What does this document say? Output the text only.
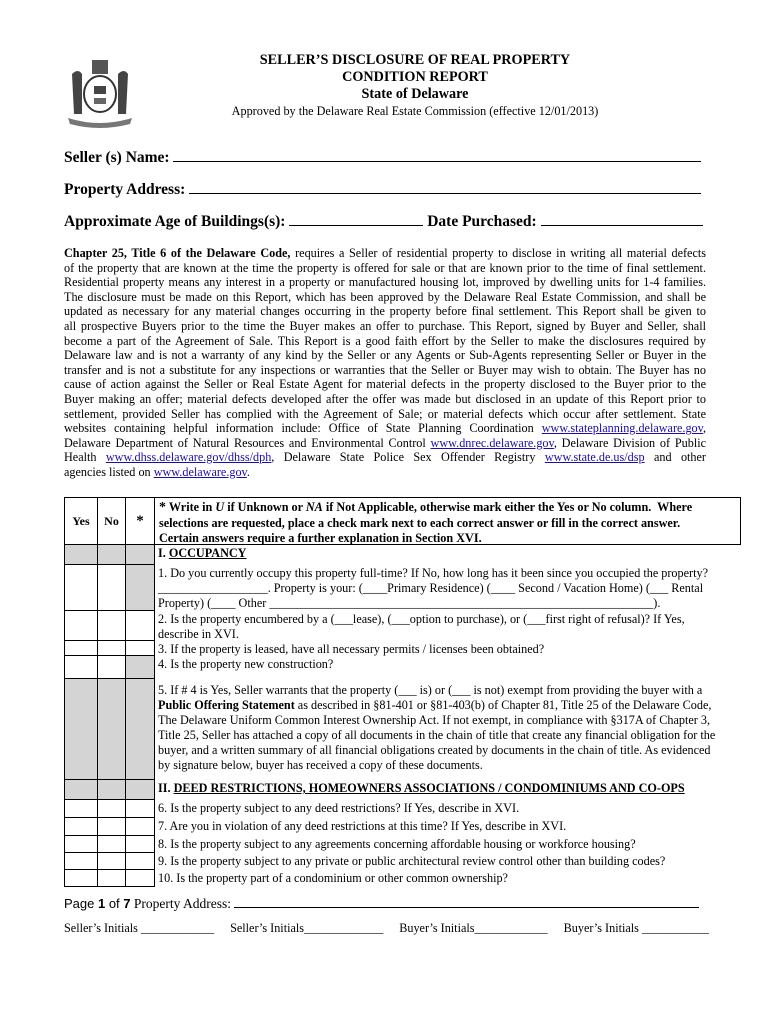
SELLER’S DISCLOSURE OF REAL PROPERTY
CONDITION REPORT
State of Delaware
Approved by the Delaware Real Estate Commission (effective 12/01/2013)
Seller (s) Name:
Property Address:
Approximate Age of Buildings(s):	Date Purchased:
Chapter 25, Title 6 of the Delaware Code, requires a Seller of residential property to disclose in writing all material defects
of the property that are known at the time the property is offered for sale or that are known prior to the time of final settlement.
Residential property means any interest in a property or manufactured housing lot, improved by dwelling units for 1-4 families.
The disclosure must be made on this Report, which has been approved by the Delaware Real Estate Commission, and shall be
updated as necessary for any material changes occurring in the property before final settlement. This Report shall be given to
all prospective Buyers prior to the time the Buyer makes an offer to purchase. This Report, signed by Buyer and Seller, shall
become a part of the Agreement of Sale. This Report is a good faith effort by the Seller to make the disclosures required by
Delaware law and is not a warranty of any kind by the Seller or any Agents or Sub-Agents representing Seller or Buyer in the
transfer and is not a substitute for any inspections or warranties that the Seller or Buyer may wish to obtain. The Buyer has no
cause of action against the Seller or Real Estate Agent for material defects in the property disclosed to the Buyer prior to the
Buyer making an offer; material defects developed after the offer was made but disclosed in an update of this Report prior to
settlement, provided Seller has complied with the Agreement of Sale; or material defects which occur after settlement. State
websites containing helpful information include: Office of State Planning Coordination www.stateplanning.delaware.gov,
Delaware Department of Natural Resources and Environmental Control www.dnrec.delaware.gov, Delaware Division of Public
Health www.dhss.delaware.gov/dhss/dph, Delaware State Police Sex Offender Registry www.state.de.us/dsp and other
agencies listed on www.delaware.gov.
Yes	No	*
* Write in U if Unknown or NA if Not Applicable, otherwise mark either the Yes or No column.  Where
selections are requested, place a check mark next to each correct answer or fill in the correct answer.
Certain answers require a further explanation in Section XVI.
I. OCCUPANCY
1. Do you currently occupy this property full-time? If No, how long has it been since you occupied the property?
__________________. Property is your: (____Primary Residence) (____ Second / Vacation Home) (___ Rental
Property) (____ Other _______________________________________________________________).
2. Is the property encumbered by a (___lease), (___option to purchase), or (___first right of refusal)? If Yes,
describe in XVI.
3. If the property is leased, have all necessary permits / licenses been obtained?
4. Is the property new construction?
5. If # 4 is Yes, Seller warrants that the property (___ is) or (___ is not) exempt from providing the buyer with a
Public Offering Statement as described in §81-401 or §81-403(b) of Chapter 81, Title 25 of the Delaware Code,
The Delaware Uniform Common Interest Ownership Act. If not exempt, in compliance with §317A of Chapter 3,
Title 25, Seller has attached a copy of all documents in the chain of title that create any financial obligation for the
buyer, and a written summary of all financial obligations created by documents in the chain of title. As evidenced
by signature below, buyer has received a copy of these documents.
II. DEED RESTRICTIONS, HOMEOWNERS ASSOCIATIONS / CONDOMINIUMS AND CO-OPS
6. Is the property subject to any deed restrictions? If Yes, describe in XVI.
7. Are you in violation of any deed restrictions at this time? If Yes, describe in XVI.
8. Is the property subject to any agreements concerning affordable housing or workforce housing?
9. Is the property subject to any private or public architectural review control other than building codes?
10. Is the property part of a condominium or other common ownership?
Page 1 of 7 Property Address:
Seller’s Initials ____________ Seller’s Initials_____________ Buyer’s Initials____________ Buyer’s Initials ___________
